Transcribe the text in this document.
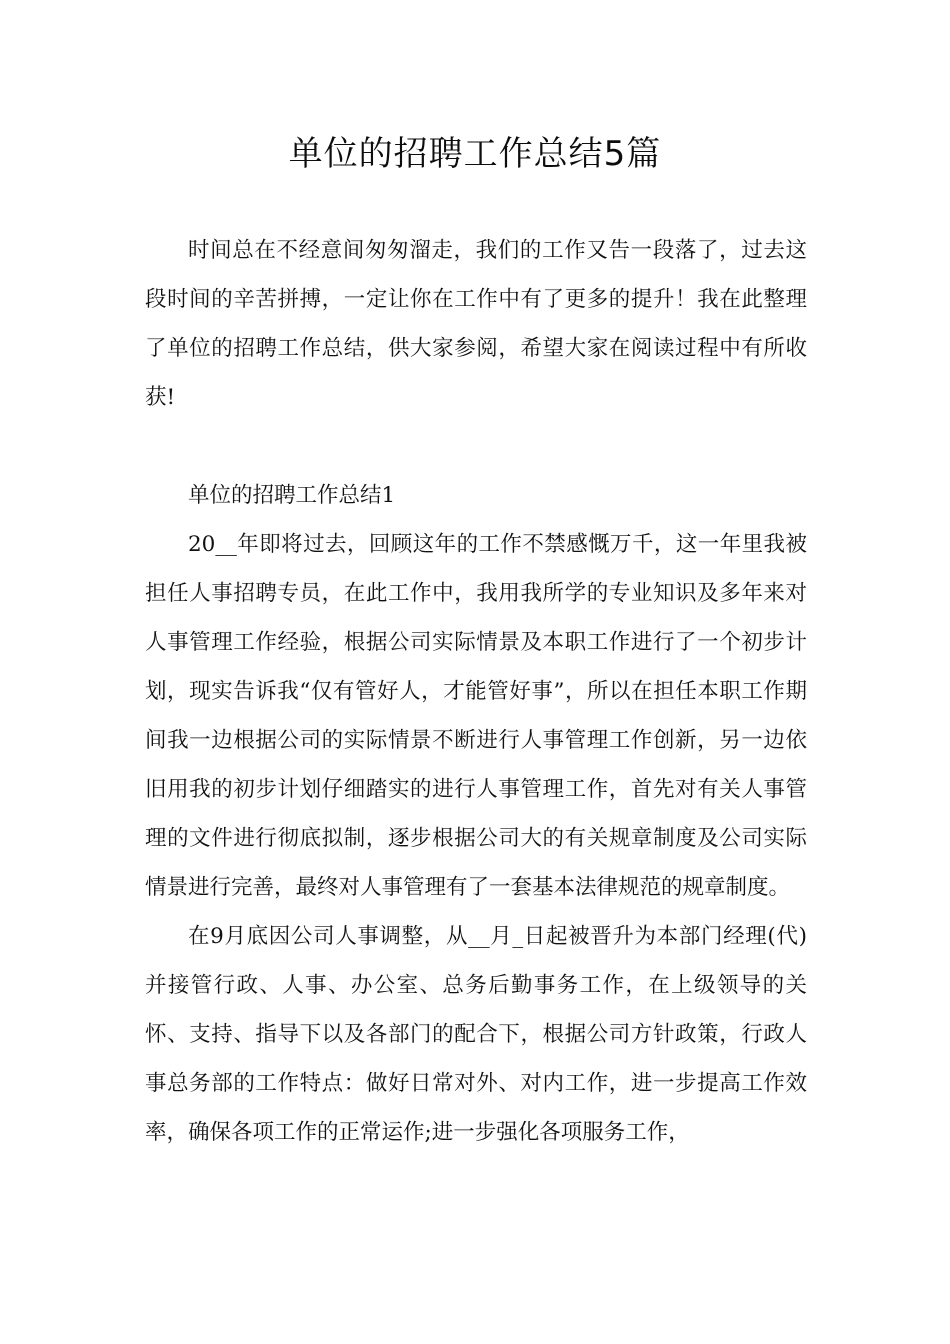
单位的招聘工作总结5篇

时间总在不经意间匆匆溜走，我们的工作又告一段落了，过去这段时间的辛苦拼搏，一定让你在工作中有了更多的提升！我在此整理了单位的招聘工作总结，供大家参阅，希望大家在阅读过程中有所收获!

单位的招聘工作总结1

20__年即将过去，回顾这年的工作不禁感慨万千，这一年里我被担任人事招聘专员，在此工作中，我用我所学的专业知识及多年来对人事管理工作经验，根据公司实际情景及本职工作进行了一个初步计划，现实告诉我“仅有管好人，才能管好事”，所以在担任本职工作期间我一边根据公司的实际情景不断进行人事管理工作创新，另一边依旧用我的初步计划仔细踏实的进行人事管理工作，首先对有关人事管理的文件进行彻底拟制，逐步根据公司大的有关规章制度及公司实际情景进行完善，最终对人事管理有了一套基本法律规范的规章制度。

在9月底因公司人事调整，从__月_日起被晋升为本部门经理(代)并接管行政、人事、办公室、总务后勤事务工作，在上级领导的关怀、支持、指导下以及各部门的配合下，根据公司方针政策，行政人事总务部的工作特点：做好日常对外、对内工作，进一步提高工作效率，确保各项工作的正常运作;进一步强化各项服务工作，
